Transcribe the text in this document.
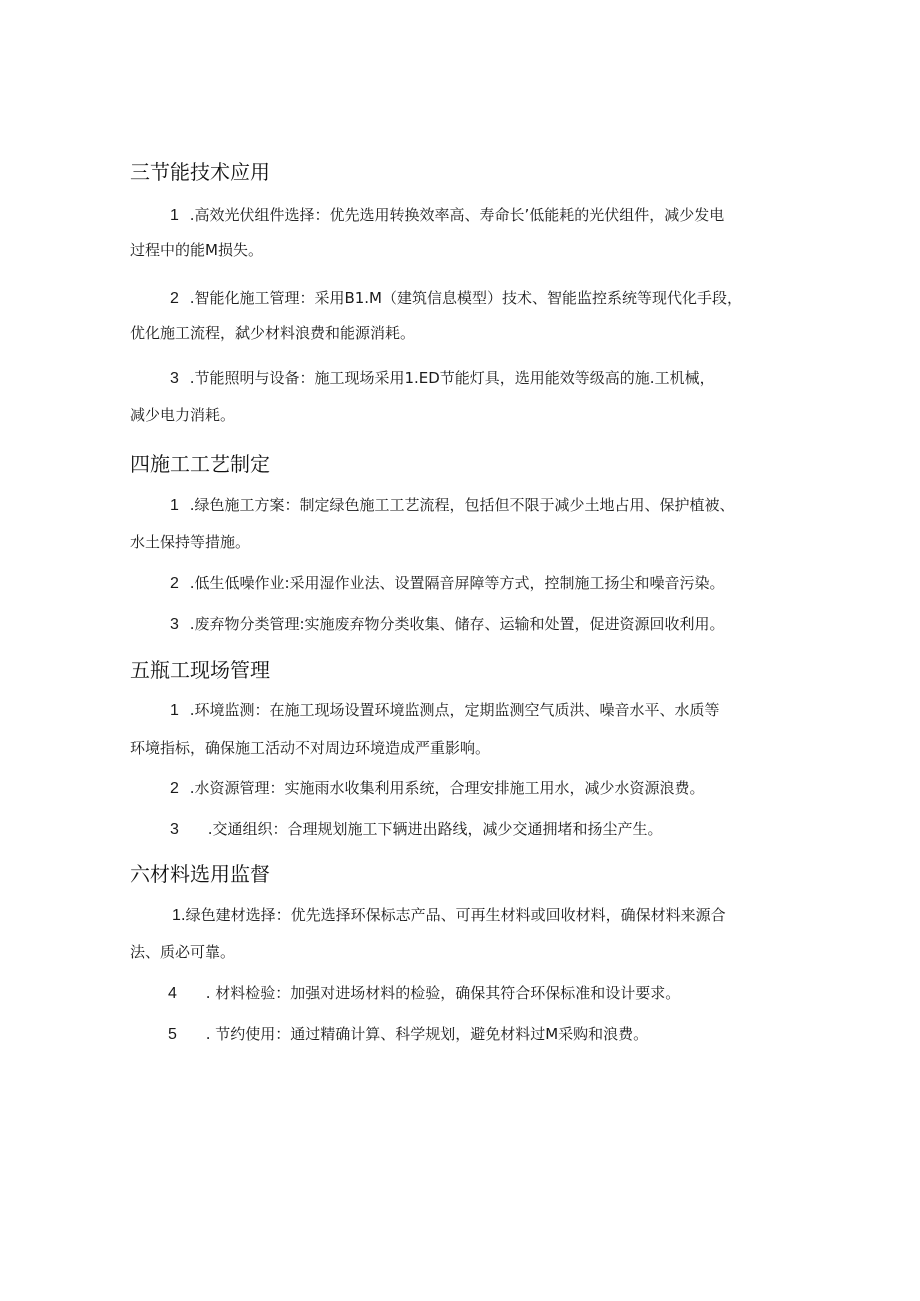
三节能技术应用
1 .高效光伏组件选择：优先选用转换效率高、寿命长’低能耗的光伏组件，减少发电
过程中的能M损失。
2 .智能化施工管理：采用B1.M（建筑信息模型）技术、智能监控系统等现代化手段，
优化施工流程，弑少材料浪费和能源消耗。
3 .节能照明与设备：施工现场采用1.ED节能灯具，选用能效等级高的施.工机械，
减少电力消耗。
四施工工艺制定
1 .绿色施工方案：制定绿色施工工艺流程，包括但不限于减少土地占用、保护植被、
水土保持等措施。
2 .低生低噪作业:采用湿作业法、设置隔音屏障等方式，控制施工扬尘和噪音污染。
3 .废弃物分类管理:实施废弃物分类收集、储存、运输和处置，促进资源回收利用。
五瓶工现场管理
1 .环境监测：在施工现场设置环境监测点，定期监测空气质洪、噪音水平、水质等
环境指标，确保施工活动不对周边环境造成严重影响。
2 .水资源管理：实施雨水收集利用系统，合理安排施工用水，减少水资源浪费。
3 .交通组织：合理规划施工下辆进出路线，减少交通拥堵和扬尘产生。
六材料选用监督
1.绿色建材选择：优先选择环保标志产品、可再生材料或回收材料，确保材料来源合
法、质必可靠。
4 . 材料检验：加强对进场材料的检验，确保其符合环保标准和设计要求。
5 . 节约使用：通过精确计算、科学规划，避免材料过M采购和浪费。
